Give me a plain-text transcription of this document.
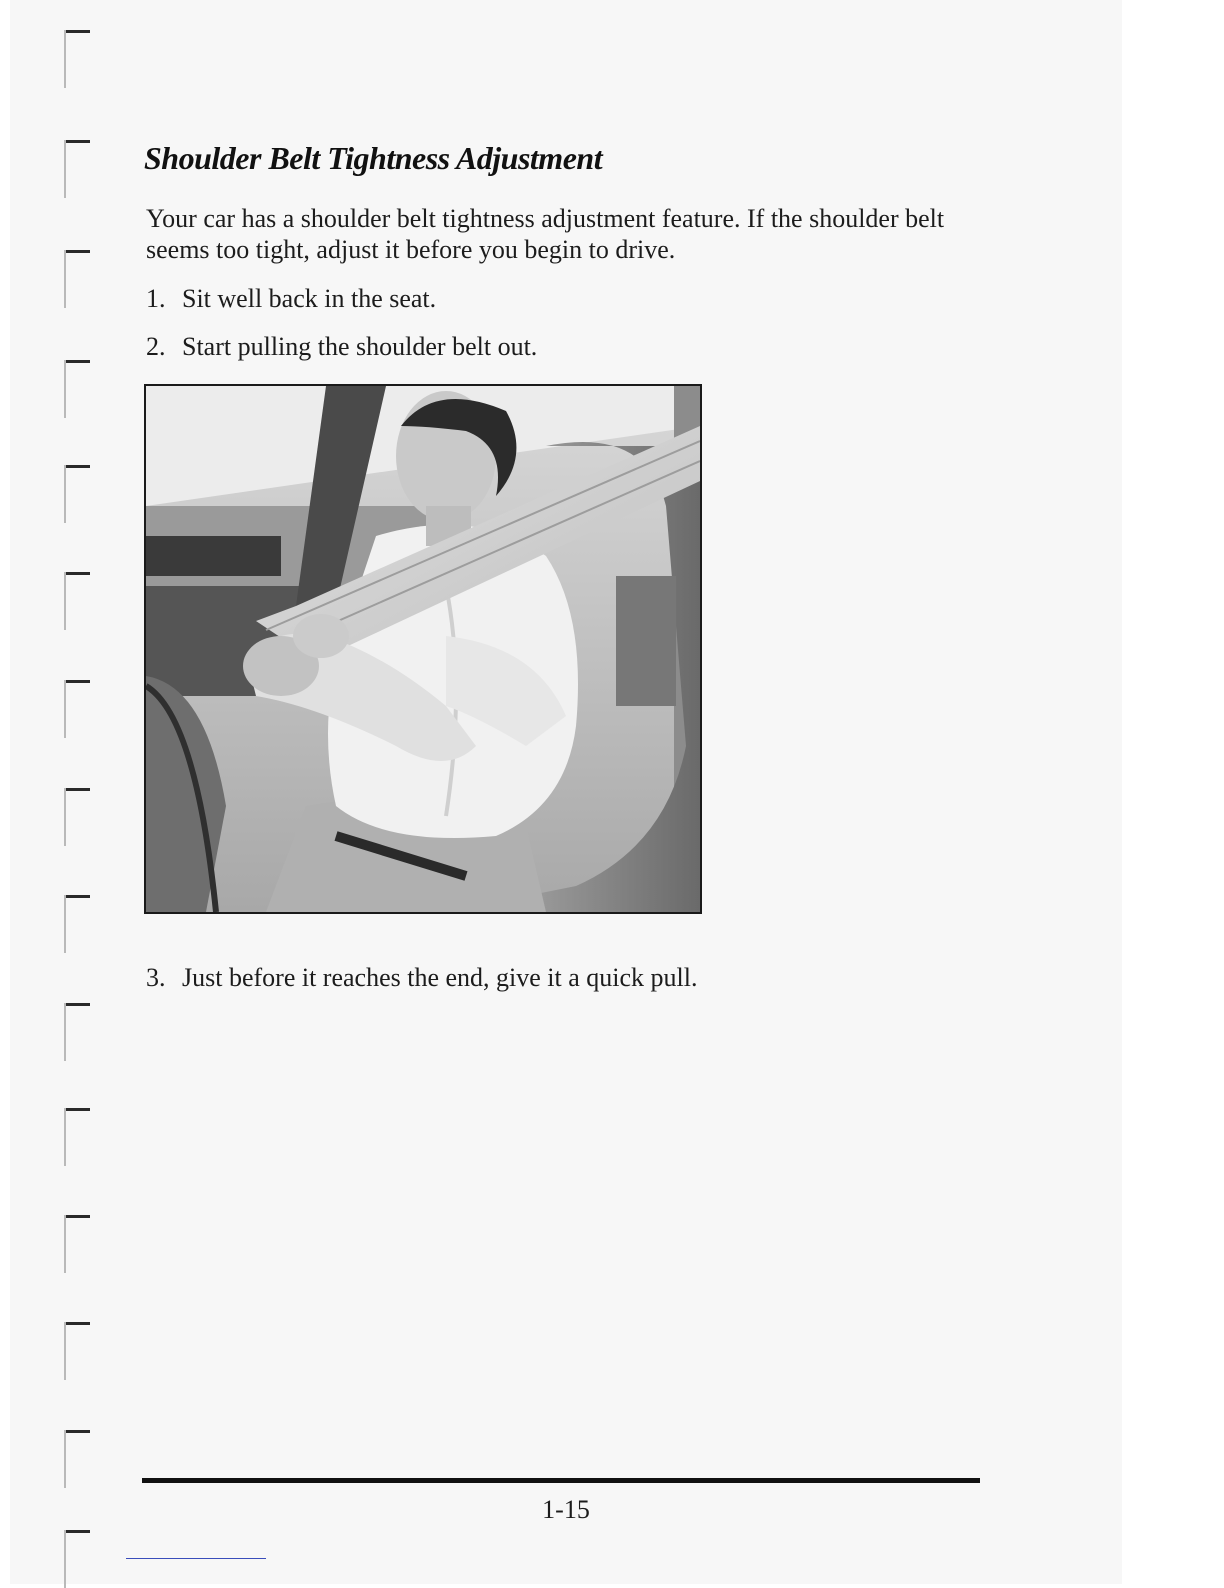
Shoulder Belt Tightness Adjustment

Your car has a shoulder belt tightness adjustment feature. If the shoulder belt seems too tight, adjust it before you begin to drive.

1. Sit well back in the seat.

2. Start pulling the shoulder belt out.

3. Just before it reaches the end, give it a quick pull.

1-15
